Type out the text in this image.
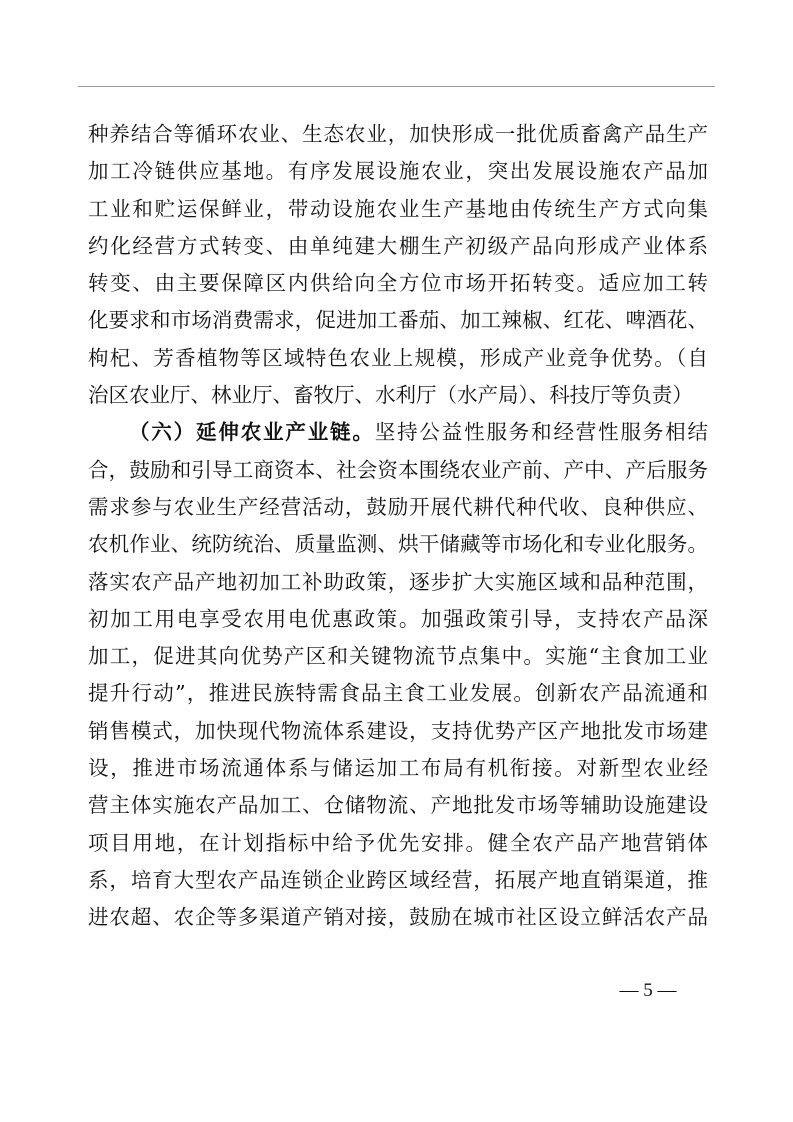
种养结合等循环农业、生态农业，加快形成一批优质畜禽产品生产
加工冷链供应基地。有序发展设施农业，突出发展设施农产品加
工业和贮运保鲜业，带动设施农业生产基地由传统生产方式向集
约化经营方式转变、由单纯建大棚生产初级产品向形成产业体系
转变、由主要保障区内供给向全方位市场开拓转变。适应加工转
化要求和市场消费需求，促进加工番茄、加工辣椒、红花、啤酒花、
枸杞、芳香植物等区域特色农业上规模，形成产业竞争优势。（自
治区农业厅、林业厅、畜牧厅、水利厅（水产局）、科技厅等负责）
（六）延伸农业产业链。坚持公益性服务和经营性服务相结
合，鼓励和引导工商资本、社会资本围绕农业产前、产中、产后服务
需求参与农业生产经营活动，鼓励开展代耕代种代收、良种供应、
农机作业、统防统治、质量监测、烘干储藏等市场化和专业化服务。
落实农产品产地初加工补助政策，逐步扩大实施区域和品种范围，
初加工用电享受农用电优惠政策。加强政策引导，支持农产品深
加工，促进其向优势产区和关键物流节点集中。实施“主食加工业
提升行动”，推进民族特需食品主食工业发展。创新农产品流通和
销售模式，加快现代物流体系建设，支持优势产区产地批发市场建
设，推进市场流通体系与储运加工布局有机衔接。对新型农业经
营主体实施农产品加工、仓储物流、产地批发市场等辅助设施建设
项目用地，在计划指标中给予优先安排。健全农产品产地营销体
系，培育大型农产品连锁企业跨区域经营，拓展产地直销渠道，推
进农超、农企等多渠道产销对接，鼓励在城市社区设立鲜活农产品
— 5 —
